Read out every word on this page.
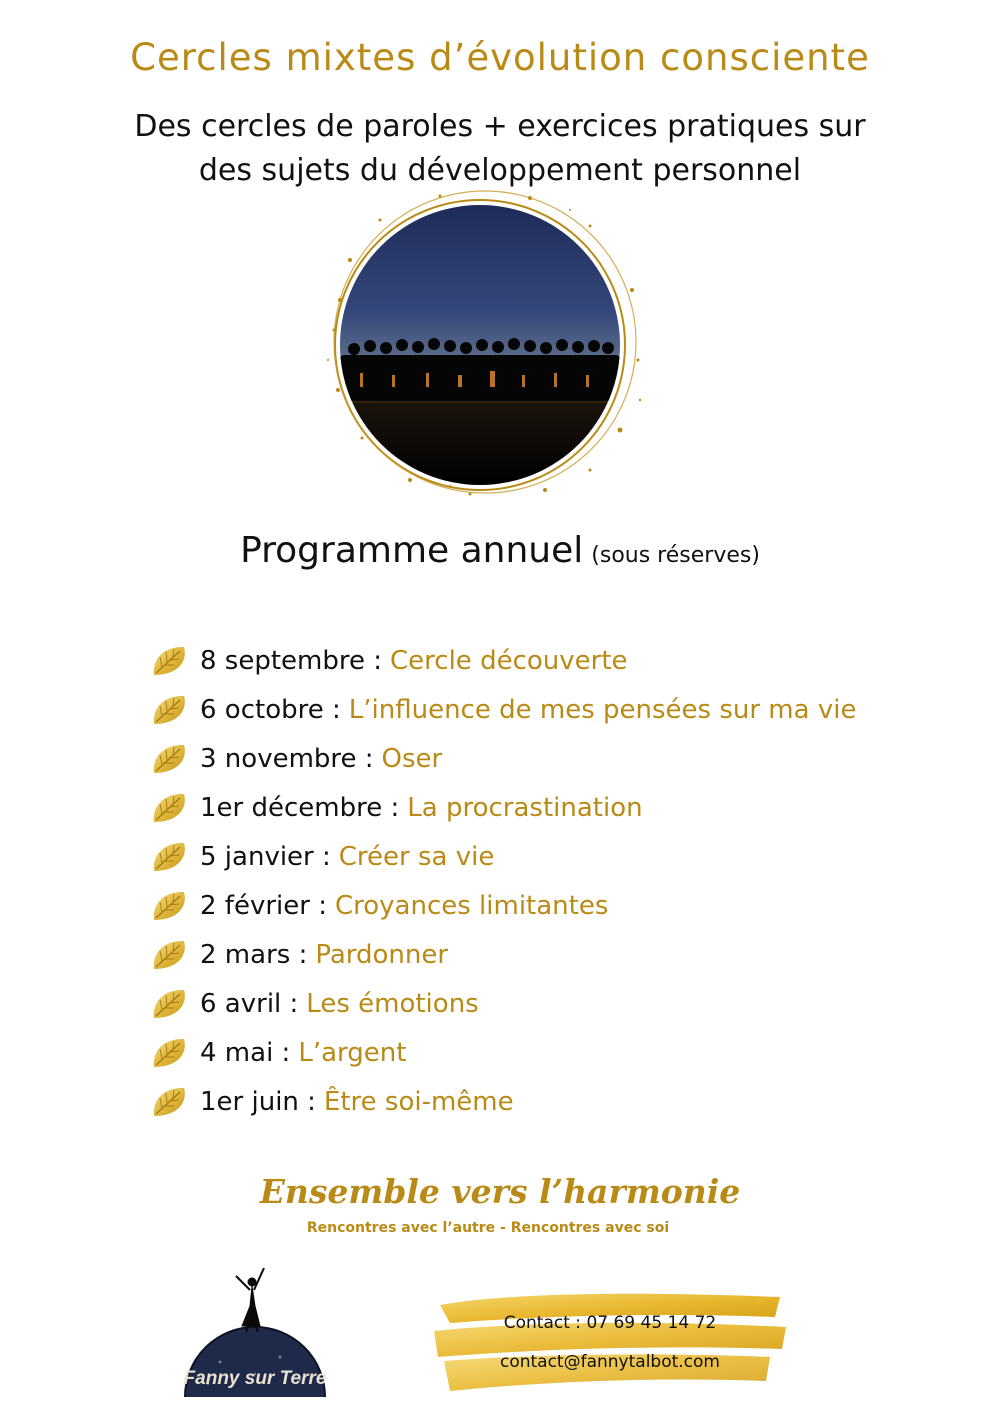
Cercles mixtes d’évolution consciente
Des cercles de paroles + exercices pratiques sur
des sujets du développement personnel
Programme annuel (sous réserves)
8 septembre : Cercle découverte
6 octobre : L’influence de mes pensées sur ma vie
3 novembre : Oser
1er décembre : La procrastination
5 janvier : Créer sa vie
2 février : Croyances limitantes
2 mars : Pardonner
6 avril : Les émotions
4 mai : L’argent
1er juin : Être soi-même
Ensemble vers l’harmonie
Rencontres avec l’autre - Rencontres avec soi
Fanny sur Terre
Contact : 07 69 45 14 72
contact@fannytalbot.com
